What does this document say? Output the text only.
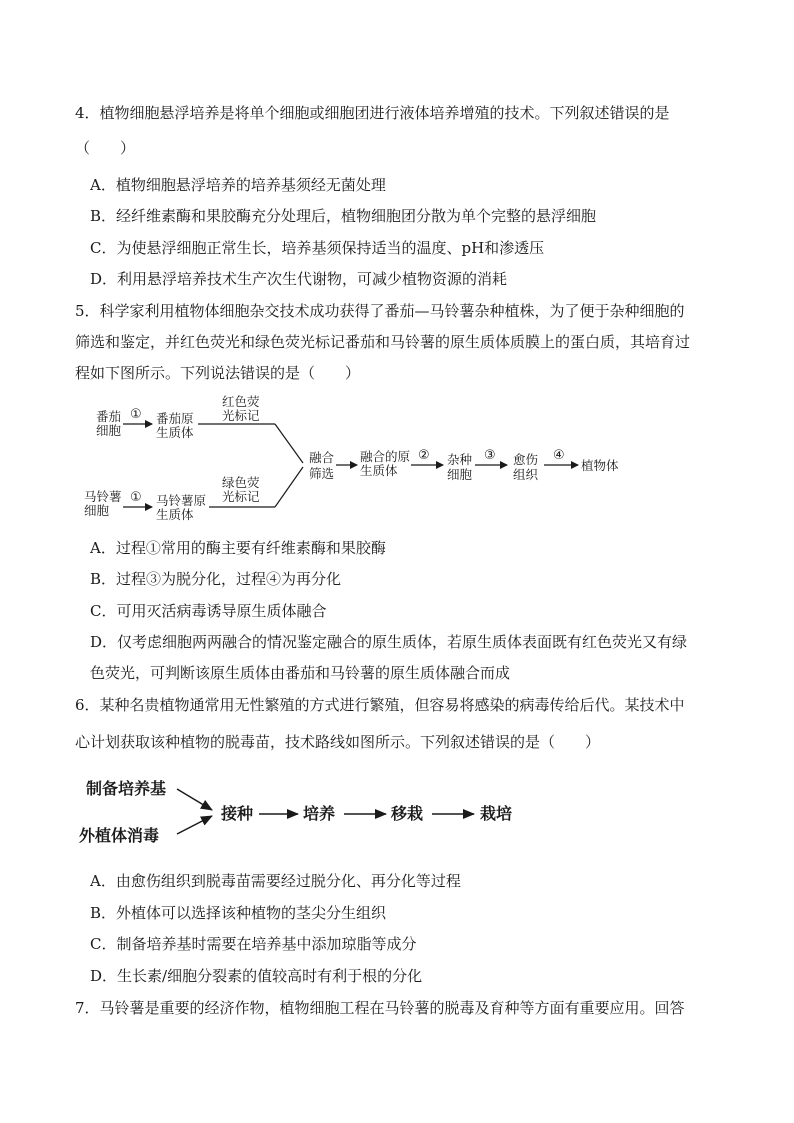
4．植物细胞悬浮培养是将单个细胞或细胞团进行液体培养增殖的技术。下列叙述错误的是
（　　）
A．植物细胞悬浮培养的培养基须经无菌处理
B．经纤维素酶和果胶酶充分处理后，植物细胞团分散为单个完整的悬浮细胞
C．为使悬浮细胞正常生长，培养基须保持适当的温度、pH和渗透压
D．利用悬浮培养技术生产次生代谢物，可减少植物资源的消耗
5．科学家利用植物体细胞杂交技术成功获得了番茄—马铃薯杂种植株，为了便于杂种细胞的
筛选和鉴定，并红色荧光和绿色荧光标记番茄和马铃薯的原生质体质膜上的蛋白质，其培育过
程如下图所示。下列说法错误的是（　　）
番茄
细胞
① 番茄原
生质体
红色荧
光标记
马铃薯
细胞
① 马铃薯原
生质体
绿色荧
光标记
融合
筛选
融合的原
生质体
② 杂种
细胞
③ 愈伤
组织
④
植物体
A．过程①常用的酶主要有纤维素酶和果胶酶
B．过程③为脱分化，过程④为再分化
C．可用灭活病毒诱导原生质体融合
D．仅考虑细胞两两融合的情况鉴定融合的原生质体，若原生质体表面既有红色荧光又有绿
色荧光，可判断该原生质体由番茄和马铃薯的原生质体融合而成
6．某种名贵植物通常用无性繁殖的方式进行繁殖，但容易将感染的病毒传给后代。某技术中
心计划获取该种植物的脱毒苗，技术路线如图所示。下列叙述错误的是（　　）
制备培养基
外植体消毒
接种	培养	移栽	栽培
A．由愈伤组织到脱毒苗需要经过脱分化、再分化等过程
B．外植体可以选择该种植物的茎尖分生组织
C．制备培养基时需要在培养基中添加琼脂等成分
D．生长素/细胞分裂素的值较高时有利于根的分化
7．马铃薯是重要的经济作物，植物细胞工程在马铃薯的脱毒及育种等方面有重要应用。回答
